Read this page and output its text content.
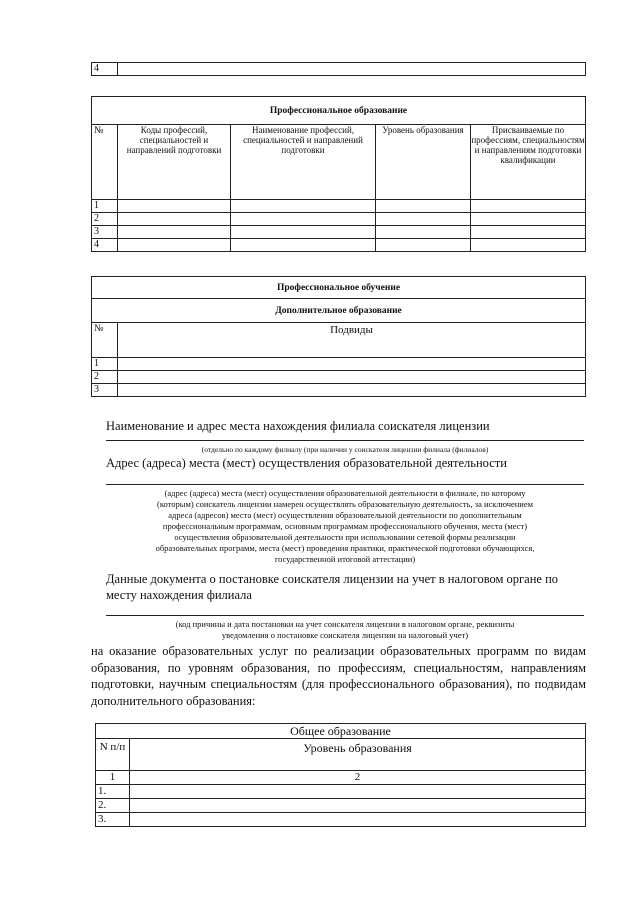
4	
Профессиональное образование				
№	Коды профессий, специальностей и направлений подготовки	Наименование профессий, специальностей и направлений подготовки	Уровень образования	Присваиваемые по профессиям, специальностям и направлениям подготовки квалификации
1				
2				
3				
4				
Профессиональное обучение	
Дополнительное образование	
№	Подвиды
1	
2	
3	
Наименование и адрес места нахождения филиала соискателя лицензии
(отдельно по каждому филиалу (при наличии у соискателя лицензии филиала (филиалов)
Адрес (адреса) места (мест) осуществления образовательной деятельности
(адрес (адреса) места (мест) осуществления образовательной деятельности в филиале, по которому
(которым) соискатель лицензии намерен осуществлять образовательную деятельность, за исключением
адреса (адресов) места (мест) осуществления образовательной деятельности по дополнительным
профессиональным программам, основным программам профессионального обучения, места (мест)
осуществления образовательной деятельности при использовании сетевой формы реализации
образовательных программ, места (мест) проведения практики, практической подготовки обучающихся,
государственной итоговой аттестации)
Данные документа о постановке соискателя лицензии на учет в налоговом органе по
месту нахождения филиала
(код причины и дата постановки на учет соискателя лицензии в налоговом органе, реквизиты
уведомления о постановке соискателя лицензии на налоговый учет)
на оказание образовательных услуг по реализации образовательных программ по видам
образования, по уровням образования, по профессиям, специальностям, направлениям
подготовки, научным специальностям (для профессионального образования), по подвидам
дополнительного образования:
Общее образование	
N п/п	Уровень образования
1	2
1.	
2.	
3.	
